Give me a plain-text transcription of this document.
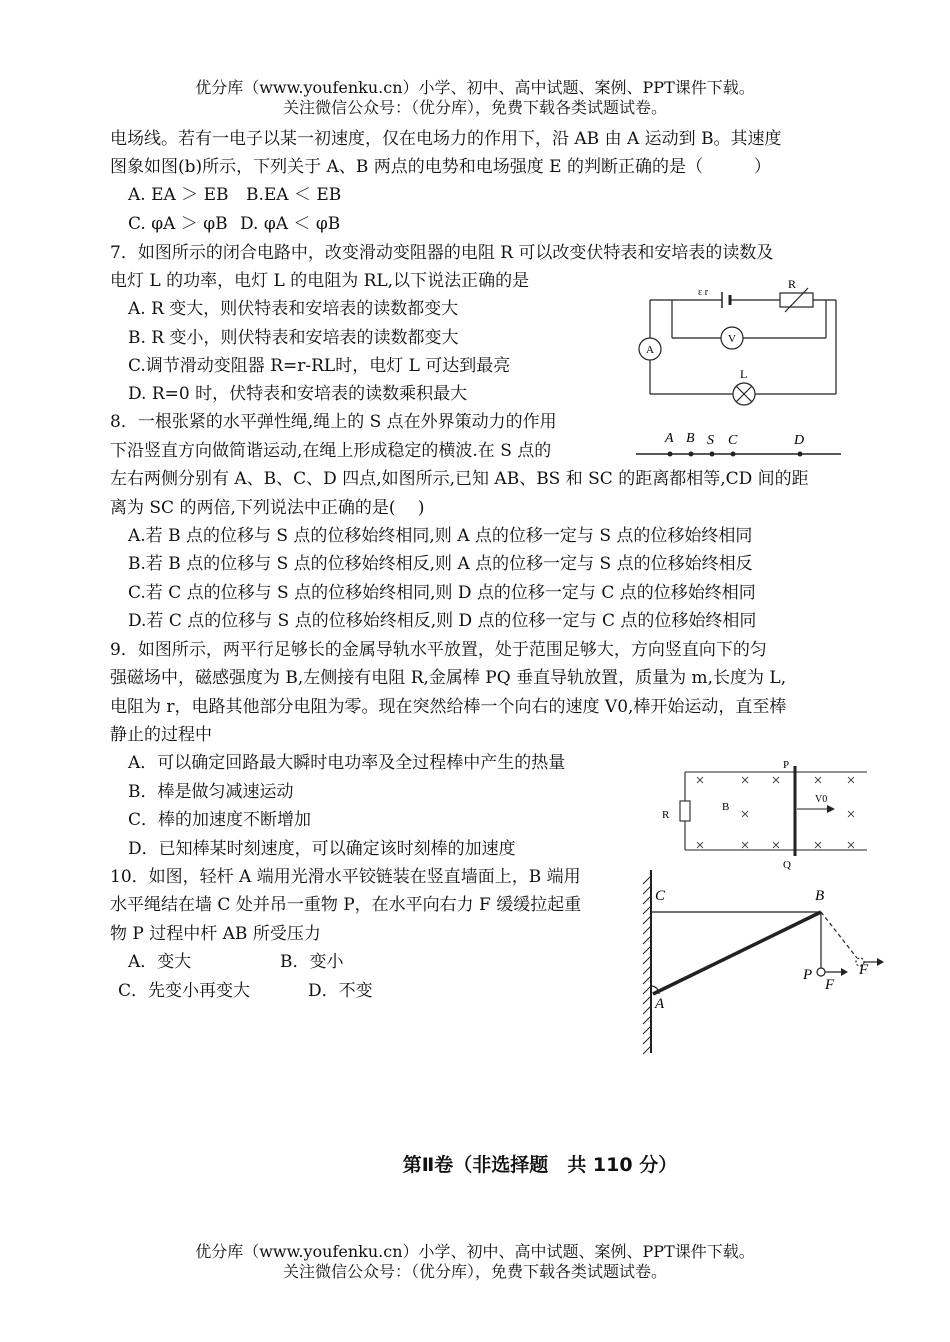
优分库（www.youfenku.cn）小学、初中、高中试题、案例、PPT课件下载。
关注微信公众号：（优分库），免费下载各类试题试卷。
电场线。若有一电子以某一初速度，仅在电场力的作用下，沿 AB 由 A 运动到 B。其速度
图象如图(b)所示，下列关于 A、B 两点的电势和电场强度 E 的判断正确的是（　　　）
A. EA ＞ EB B.EA ＜ EB
C. φA ＞ φB D. φA ＜ φB
7．如图所示的闭合电路中，改变滑动变阻器的电阻 R 可以改变伏特表和安培表的读数及
电灯 L 的功率，电灯 L 的电阻为 RL,以下说法正确的是
A. R 变大，则伏特表和安培表的读数都变大
B. R 变小，则伏特表和安培表的读数都变大
C.调节滑动变阻器 R=r-RL时，电灯 L 可达到最亮
D. R=0 时，伏特表和安培表的读数乘积最大
ε r
R
A
V
L
8．一根张紧的水平弹性绳,绳上的 S 点在外界策动力的作用
下沿竖直方向做简谐运动,在绳上形成稳定的横波.在 S 点的
左右两侧分别有 A、B、C、D 四点,如图所示,已知 AB、BS 和 SC 的距离都相等,CD 间的距
离为 SC 的两倍,下列说法中正确的是(　 )
A.若 B 点的位移与 S 点的位移始终相同,则 A 点的位移一定与 S 点的位移始终相同
B.若 B 点的位移与 S 点的位移始终相反,则 A 点的位移一定与 S 点的位移始终相反
C.若 C 点的位移与 S 点的位移始终相同,则 D 点的位移一定与 C 点的位移始终相同
D.若 C 点的位移与 S 点的位移始终相反,则 D 点的位移一定与 C 点的位移始终相同
A B S C	D
9．如图所示，两平行足够长的金属导轨水平放置，处于范围足够大，方向竖直向下的匀
强磁场中，磁感强度为 B,左侧接有电阻 R,金属棒 PQ 垂直导轨放置，质量为 m,长度为 L,
电阻为 r，电路其他部分电阻为零。现在突然给棒一个向右的速度 V0,棒开始运动，直至棒
静止的过程中
A．可以确定回路最大瞬时电功率及全过程棒中产生的热量
B．棒是做匀减速运动
C．棒的加速度不断增加
D．已知棒某时刻速度，可以确定该时刻棒的加速度
P
Q
R
B
V0
10．如图，轻杆 A 端用光滑水平铰链装在竖直墙面上，B 端用
水平绳结在墙 C 处并吊一重物 P，在水平向右力 F 缓缓拉起重
物 P 过程中杆 AB 所受压力
A．变大	B．变小
C．先变小再变大	D．不变
C	B
A
P
F
F
第Ⅱ卷（非选择题　共 110 分）
优分库（www.youfenku.cn）小学、初中、高中试题、案例、PPT课件下载。
关注微信公众号：（优分库），免费下载各类试题试卷。
